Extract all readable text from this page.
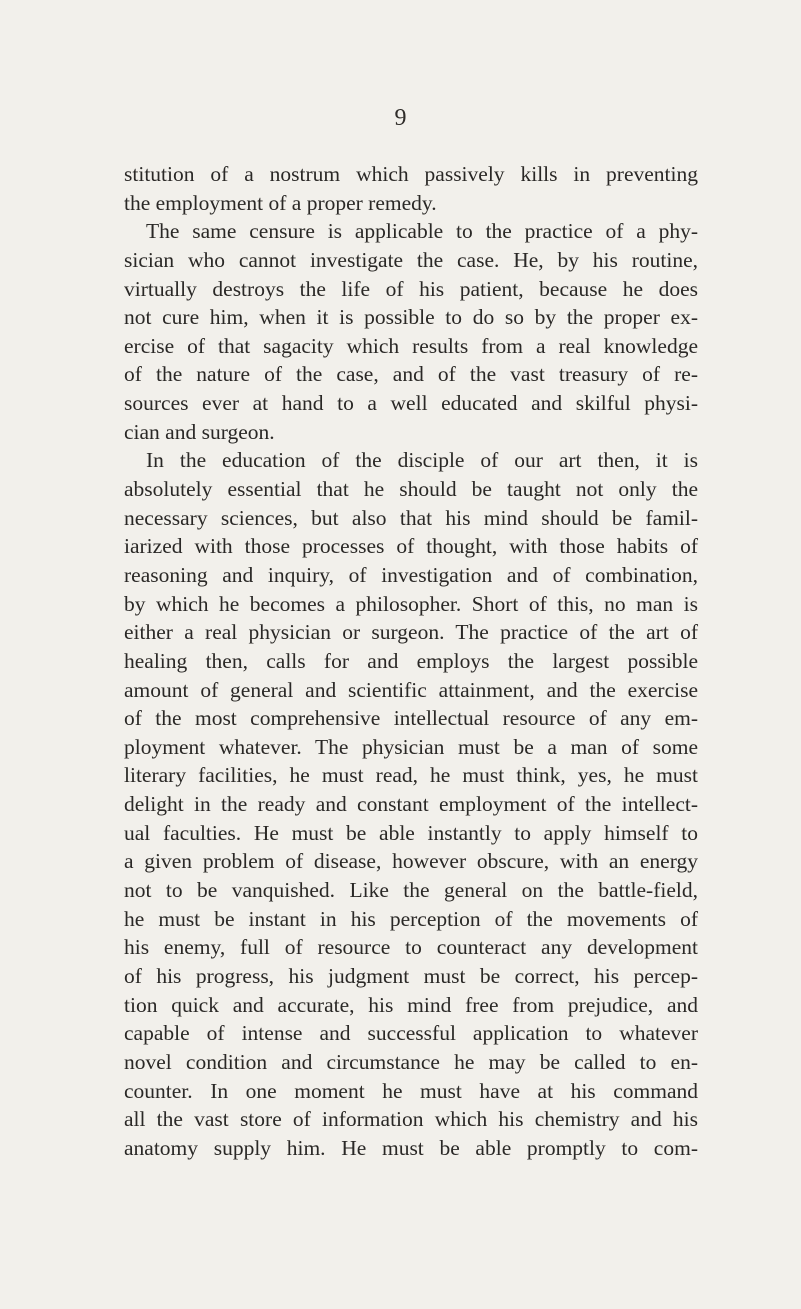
9
stitution of a nostrum which passively kills in preventing
the employment of a proper remedy.
The same censure is applicable to the practice of a phy-
sician who cannot investigate the case. He, by his routine,
virtually destroys the life of his patient, because he does
not cure him, when it is possible to do so by the proper ex-
ercise of that sagacity which results from a real knowledge
of the nature of the case, and of the vast treasury of re-
sources ever at hand to a well educated and skilful physi-
cian and surgeon.
In the education of the disciple of our art then, it is
absolutely essential that he should be taught not only the
necessary sciences, but also that his mind should be famil-
iarized with those processes of thought, with those habits of
reasoning and inquiry, of investigation and of combination,
by which he becomes a philosopher. Short of this, no man is
either a real physician or surgeon. The practice of the art of
healing then, calls for and employs the largest possible
amount of general and scientific attainment, and the exercise
of the most comprehensive intellectual resource of any em-
ployment whatever. The physician must be a man of some
literary facilities, he must read, he must think, yes, he must
delight in the ready and constant employment of the intellect-
ual faculties. He must be able instantly to apply himself to
a given problem of disease, however obscure, with an energy
not to be vanquished. Like the general on the battle-field,
he must be instant in his perception of the movements of
his enemy, full of resource to counteract any development
of his progress, his judgment must be correct, his percep-
tion quick and accurate, his mind free from prejudice, and
capable of intense and successful application to whatever
novel condition and circumstance he may be called to en-
counter. In one moment he must have at his command
all the vast store of information which his chemistry and his
anatomy supply him. He must be able promptly to com-
